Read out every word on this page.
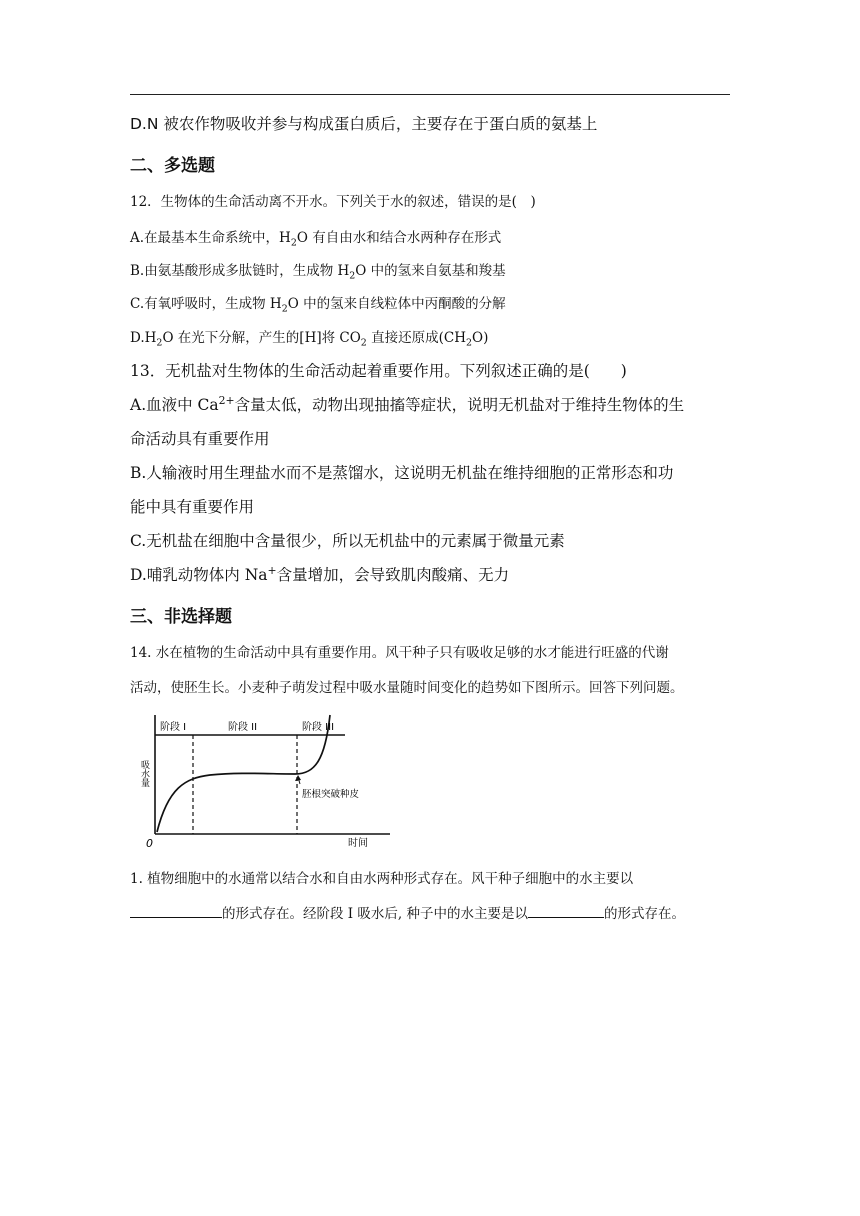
D.N 被农作物吸收并参与构成蛋白质后，主要存在于蛋白质的氨基上
二、多选题
12．生物体的生命活动离不开水。下列关于水的叙述，错误的是(　)
A.在最基本生命系统中，$H_2O$ 有自由水和结合水两种存在形式
B.由氨基酸形成多肽链时，生成物 $H_2O$ 中的氢来自氨基和羧基
C.有氧呼吸时，生成物 $H_2O$ 中的氢来自线粒体中丙酮酸的分解
$D.H_2O$ 在光下分解，产生的[H]将 $CO_2$ 直接还原成$(CH_2O)$
13．无机盐对生物体的生命活动起着重要作用。下列叙述正确的是(　　)
A.血液中 $Ca^{2+}$含量太低，动物出现抽搐等症状，说明无机盐对于维持生物体的生
命活动具有重要作用
B.人输液时用生理盐水而不是蒸馏水，这说明无机盐在维持细胞的正常形态和功
能中具有重要作用
C.无机盐在细胞中含量很少，所以无机盐中的元素属于微量元素
D.哺乳动物体内 Na+含量增加，会导致肌肉酸痛、无力
三、非选择题
14. 水在植物的生命活动中具有重要作用。风干种子只有吸收足够的水才能进行旺盛的代谢
活动，使胚生长。小麦种子萌发过程中吸水量随时间变化的趋势如下图所示。回答下列问题。
吸水量
时间
0
阶段 I	阶段 II	阶段 III
胚根突破种皮
1. 植物细胞中的水通常以结合水和自由水两种形式存在。风干种子细胞中的水主要以
的形式存在。经阶段 I 吸水后, 种子中的水主要是以	的形式存在。
